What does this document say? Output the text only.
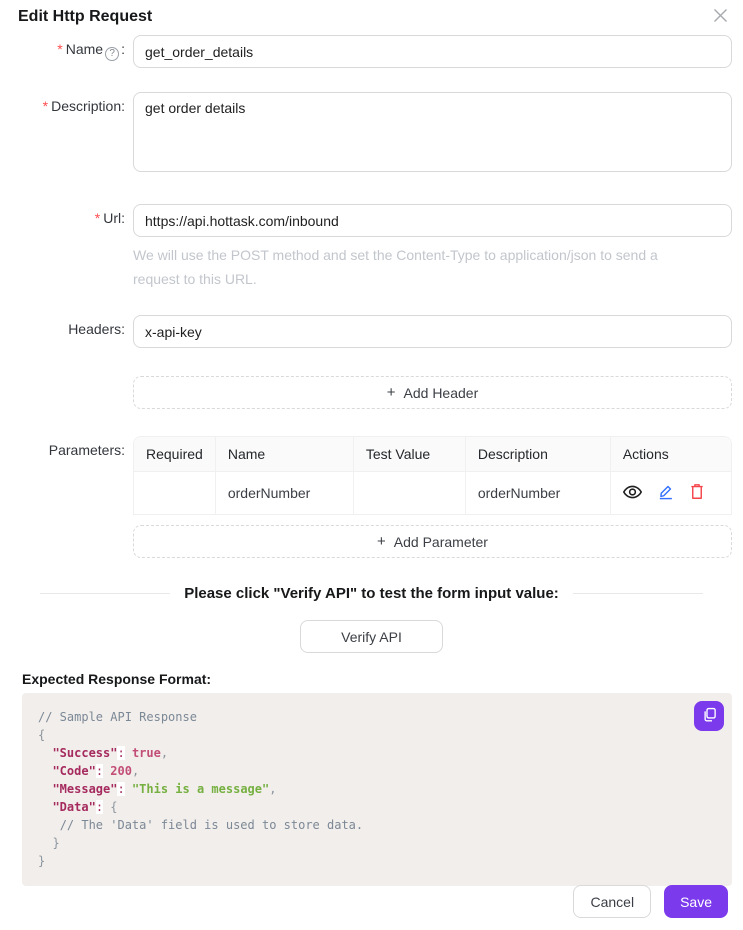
Edit Http Request
* Name ? :
get_order_details
* Description:
get order details
* Url:
https://api.hottask.com/inbound
We will use the POST method and set the Content-Type to application/json to send a request to this URL.
Headers:
x-api-key
+ Add Header
Parameters:	Required	Name	Test Value	Description	Actions
	orderNumber		orderNumber	
+ Add Parameter
Please click "Verify API" to test the form input value:
Verify API
Expected Response Format:
// Sample API Response
{
"Success": true,
"Code": 200,
"Message": "This is a message",
"Data": {
// The 'Data' field is used to store data.
}
}
Cancel	Save
